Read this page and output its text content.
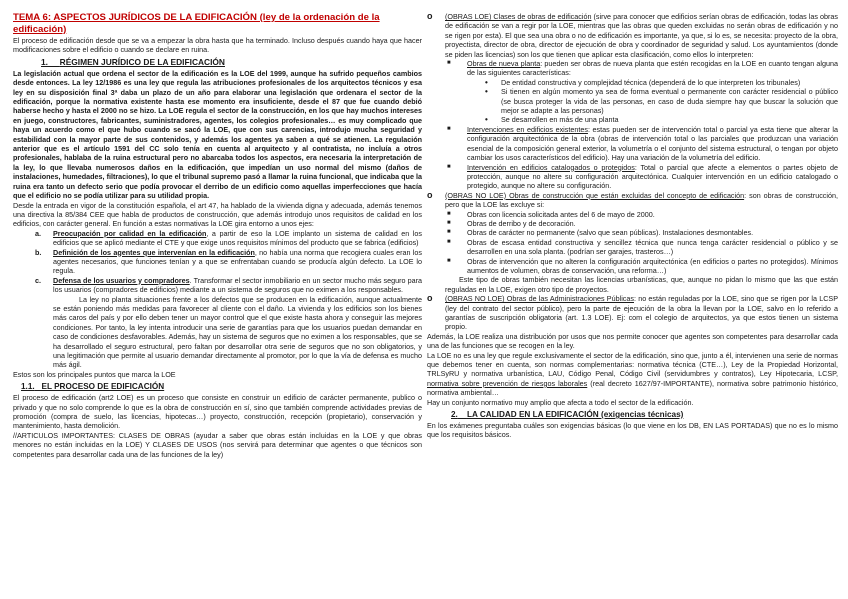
TEMA 6: ASPECTOS JURÍDICOS DE LA EDIFICACIÓN (ley de la ordenación de la edificación)

El proceso de edificación desde que se va a empezar la obra hasta que ha terminado. Incluso después cuando haya que hacer modificaciones sobre el edificio o cuando se declare en ruina.

1. RÉGIMEN JURÍDICO DE LA EDIFICACIÓN

La legislación actual que ordena el sector de la edificación es la LOE del 1999, aunque ha sufrido pequeños cambios desde entonces. La ley 12/1986 es una ley que regula las atribuciones profesionales de los arquitectos técnicos y esa ley en su disposición final 3ª daba un plazo de un año para elaborar una legislación que ordenara el sector de la edificación, porque la normativa existente hasta ese momento era insuficiente, desde el 87 que fue cuando debió haberse hecho y hasta el 2000 no se hizo. La LOE regula el sector de la construcción, en los que hay muchos intereses en juego, constructores, fabricantes, suministradores, agentes, los colegios profesionales… es muy complicado que haya un acuerdo como el que hubo cuando se sacó la LOE, que con sus carencias, introdujo mucha seguridad y estabilidad con la mayor parte de sus contenidos, y además los agentes ya saben a qué se atienen. La regulación anterior que es el artículo 1591 del CC solo tenía en cuenta al arquitecto y al contratista, no incluía a otros profesionales, hablaba de la ruina estructural pero no abarcaba todos los aspectos, era necesaria la interpretación de la ley, lo que llevaba numerosos daños en la edificación, que impedían un uso normal del mismo (daños de instalaciones, humedades, filtraciones), lo que el tribunal supremo pasó a llamar la ruina funcional, que indicaba que la ruina era tanto un defecto serio que podía provocar el derribo de un edificio como aquellas imperfecciones que hacía que el edificio no se podía utilizar para su utilidad propia.

Desde la entrada en vigor de la constitución española, el art 47, ha hablado de la vivienda digna y adecuada, además tenemos una directiva la 85/384 CEE que habla de productos de construcción, que además introdujo unos requisitos de calidad en los edificios, con carácter general. En función a estas normativas la LOE gira entorno a unos ejes:

a.	Preocupación por calidad en la edificación, a partir de eso la LOE implanto un sistema de calidad en los edificios que se aplicó mediante el CTE y que exige unos requisitos mínimos del producto que se fabrica (edificios)
b.	Definición de los agentes que intervenían en la edificación, no había una norma que recogiera cuales eran los agentes necesarios, que funciones tenían y a que se enfrentaban cuando se producía algún defecto. La LOE lo regula.
c.	Defensa de los usuarios y compradores. Transformar el sector inmobiliario en un sector mucho más seguro para los usuarios (compradores de edificios) mediante a un sistema de seguros que no eximen a los responsables.

La ley no planta situaciones frente a los defectos que se producen en la edificación, aunque actualmente se están poniendo más medidas para favorecer al cliente con el daño. La vivienda y los edificios son los bienes más caros del país y por ello deben tener un mayor control que el que existe hasta ahora y conseguir las mejores condiciones. Por tanto, la ley intenta introducir una serie de garantías para que los usuarios puedan demandar en caso de condiciones desfavorables. Además, hay un sistema de seguros que no eximen a los responsables, que se ha desarrollado el seguro estructural, pero faltan por desarrollar otra serie de seguros que no son obligatorios, y una legitimación que permite al usuario demandar directamente al promotor, por lo que la vía de defensa es mucho más ágil.

Estos son los principales puntos que marca la LOE

1.1. EL PROCESO DE EDIFICACIÓN

El proceso de edificación (art2 LOE) es un proceso que consiste en construir un edificio de carácter permanente, publico o privado y que no solo comprende lo que es la obra de construcción en sí, sino que también comprende actividades previas de promoción (compra de suelo, las licencias, hipotecas…) proyecto, construcción, recepción (propietario), conservación y mantenimiento, hasta demolición.

//ARTICULOS IMPORTANTES: CLASES DE OBRAS (ayudar a saber que obras están incluidas en la LOE y que obras menores no están incluidas en la LOE) Y CLASES DE USOS (nos servirá para determinar que agentes o que técnicos son competentes para desarrollar cada una de las funciones de la ley)

o	(OBRAS LOE) Clases de obras de edificación (sirve para conocer que edificios serían obras de edificación, todas las obras de edificación se van a regir por la LOE, mientras que las obras que queden excluidas no serán obras de edificación y no se rigen por esta). El que sea una obra o no de edificación es importante, ya que, si lo es, se necesita: proyecto de la obra, proyectista, director de obra, director de ejecución de obra y coordinador de seguridad y salud. Los ayuntamientos (donde se piden las licencias) son los que tienen que aplicar esta clasificación, como ellos lo interpreten:
■	Obras de nueva planta: pueden ser obras de nueva planta que estén recogidas en la LOE en cuanto tengan alguna de las siguientes características:
•	De entidad constructiva y complejidad técnica (dependerá de lo que interpreten los tribunales)
•	Si tienen en algún momento ya sea de forma eventual o permanente con carácter residencial o público (se busca proteger la vida de las personas, en caso de duda siempre hay que buscar la solución que mejor se adapte a las personas)
•	Se desarrollen en más de una planta
■	Intervenciones en edificios existentes: estas pueden ser de intervención total o parcial ya esta tiene que alterar la configuración arquitectónica de la obra (obras de intervención total o las parciales que produzcan una variación esencial de la composición general exterior, la volumetría o el conjunto del sistema estructural, o tengan por objeto cambiar los usos característicos del edificio). Hay una variación de la volumetría del edificio.
■	Intervención en edificios catalogados o protegidos: Total o parcial que afecte a elementos o partes objeto de protección, aunque no altere su configuración arquitectónica. Cualquier intervención en un edificio catalogado o protegido, aunque no altere su configuración.
o	(OBRAS NO LOE) Obras de construcción que están excluidas del concepto de edificación: son obras de construcción, pero que la LOE las excluye si:
■	Obras con licencia solicitada antes del 6 de mayo de 2000.
■	Obras de derribo y de decoración.
■	Obras de carácter no permanente (salvo que sean públicas). Instalaciones desmontables.
■	Obras de escasa entidad constructiva y sencillez técnica que nunca tenga carácter residencial o público y se desarrollen en una sola planta. (podrían ser garajes, trasteros…)
■	Obras de intervención que no alteren la configuración arquitectónica (en edificios o partes no protegidos). Mínimos aumentos de volumen, obras de conservación, una reforma…)

Este tipo de obras también necesitan las licencias urbanísticas, que, aunque no pidan lo mismo que las que están reguladas en la LOE, exigen otro tipo de proyectos.

o	(OBRAS NO LOE) Obras de las Administraciones Públicas: no están reguladas por la LOE, sino que se rigen por la LCSP (ley del contrato del sector público), pero la parte de ejecución de la obra la llevan por la LOE, salvo en lo referido a garantías de suscripción obligatoria (art. 1.3 LOE). Ej: com el colegio de arquitectos, ya que estos tienen un sistema propio.

Además, la LOE realiza una distribución por usos que nos permite conocer que agentes son competentes para desarrollar cada una de las funciones que se recogen en la ley.

La LOE no es una ley que regule exclusivamente el sector de la edificación, sino que, junto a él, intervienen una serie de normas que debemos tener en cuenta, son normas complementarias: normativa técnica (CTE…), Ley de la Propiedad Horizontal, TRLSyRU y normativa urbanística, LAU, Código Penal, Código Civil (servidumbres y contratos), Ley Hipotecaria, LCSP, normativa sobre prevención de riesgos laborales (real decreto 1627/97-IMPORTANTE), normativa sobre patrimonio histórico, normativa ambiental…

Hay un conjunto normativo muy amplio que afecta a todo el sector de la edificación.

2. LA CALIDAD EN LA EDIFICACIÓN (exigencias técnicas)

En los exámenes preguntaba cuáles son exigencias básicas (lo que viene en los DB, EN LAS PORTADAS) que no es lo mismo que los requisitos básicos.
